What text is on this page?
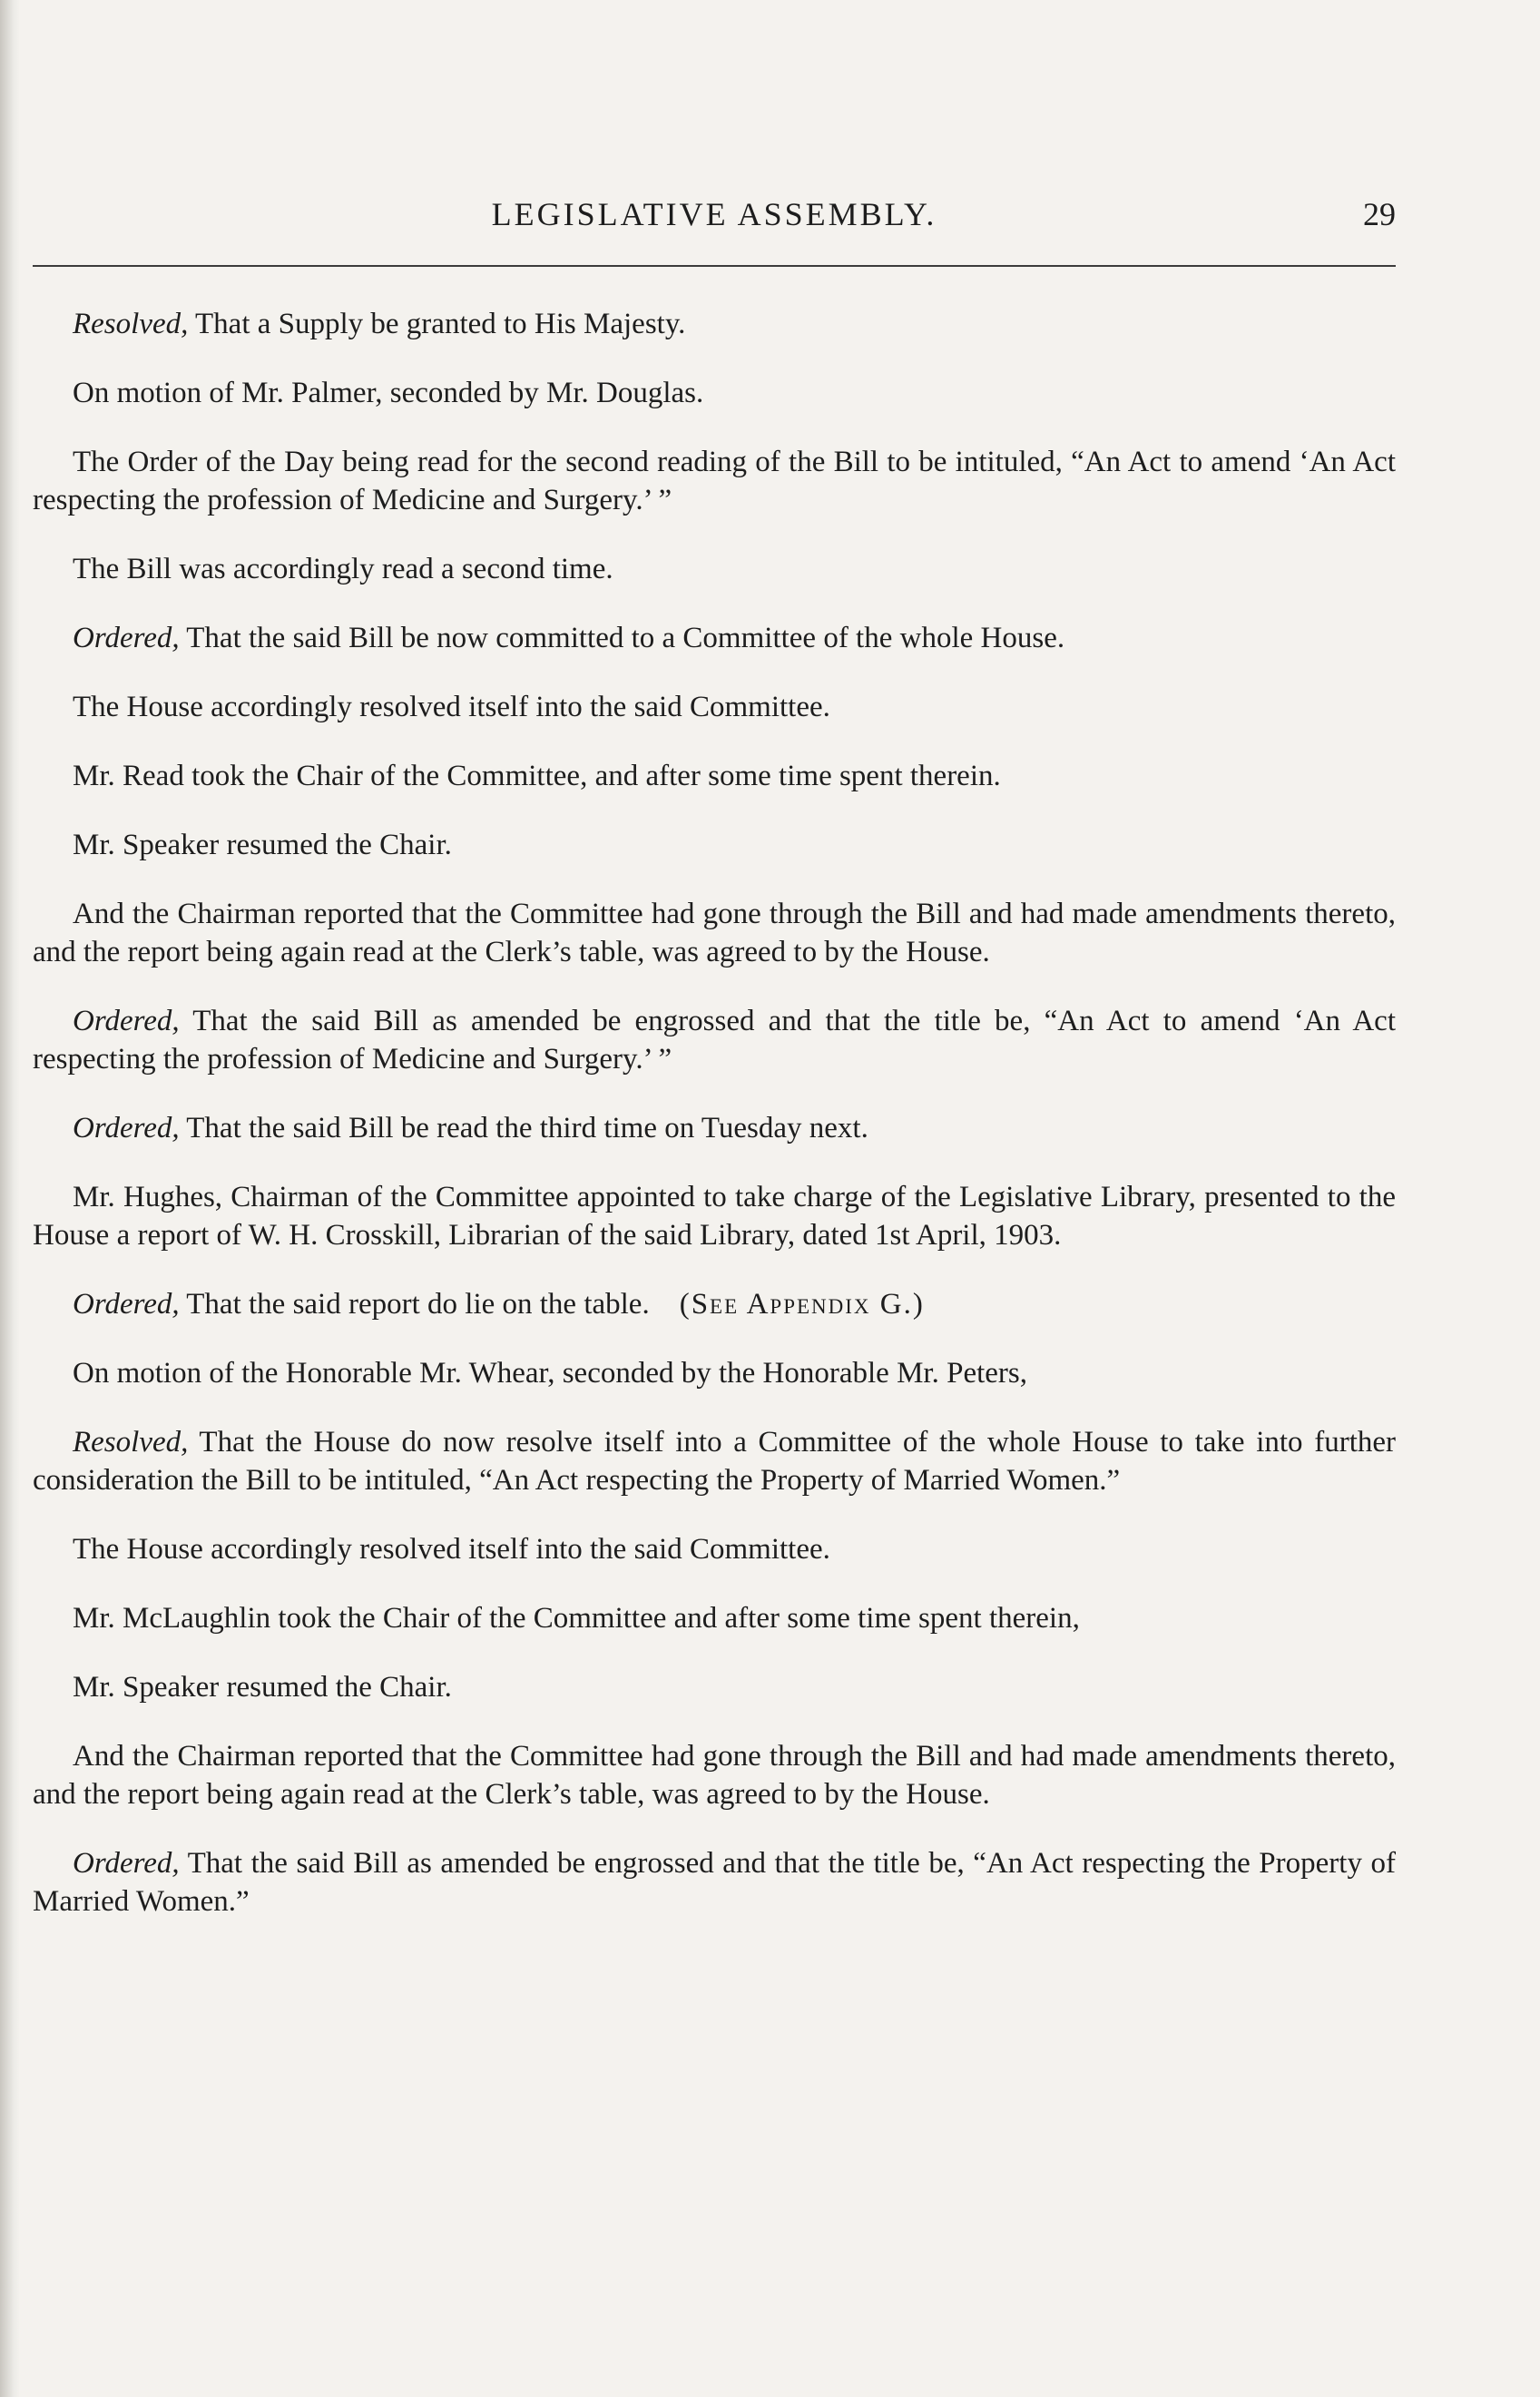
LEGISLATIVE ASSEMBLY.	29

Resolved, That a Supply be granted to His Majesty.

On motion of Mr. Palmer, seconded by Mr. Douglas.

The Order of the Day being read for the second reading of the Bill to be intituled, “An Act to amend ‘An Act respecting the profession of Medicine and Surgery.’ ”

The Bill was accordingly read a second time.

Ordered, That the said Bill be now committed to a Committee of the whole House.

The House accordingly resolved itself into the said Committee.

Mr. Read took the Chair of the Committee, and after some time spent therein.

Mr. Speaker resumed the Chair.

And the Chairman reported that the Committee had gone through the Bill and had made amendments thereto, and the report being again read at the Clerk’s table, was agreed to by the House.

Ordered, That the said Bill as amended be engrossed and that the title be, “An Act to amend ‘An Act respecting the profession of Medicine and Surgery.’ ”

Ordered, That the said Bill be read the third time on Tuesday next.

Mr. Hughes, Chairman of the Committee appointed to take charge of the Legislative Library, presented to the House a report of W. H. Crosskill, Librarian of the said Library, dated 1st April, 1903.

Ordered, That the said report do lie on the table. (See Appendix G.)

On motion of the Honorable Mr. Whear, seconded by the Honorable Mr. Peters,

Resolved, That the House do now resolve itself into a Committee of the whole House to take into further consideration the Bill to be intituled, “An Act respecting the Property of Married Women.”

The House accordingly resolved itself into the said Committee.

Mr. McLaughlin took the Chair of the Committee and after some time spent therein,

Mr. Speaker resumed the Chair.

And the Chairman reported that the Committee had gone through the Bill and had made amendments thereto, and the report being again read at the Clerk’s table, was agreed to by the House.

Ordered, That the said Bill as amended be engrossed and that the title be, “An Act respecting the Property of Married Women.”
